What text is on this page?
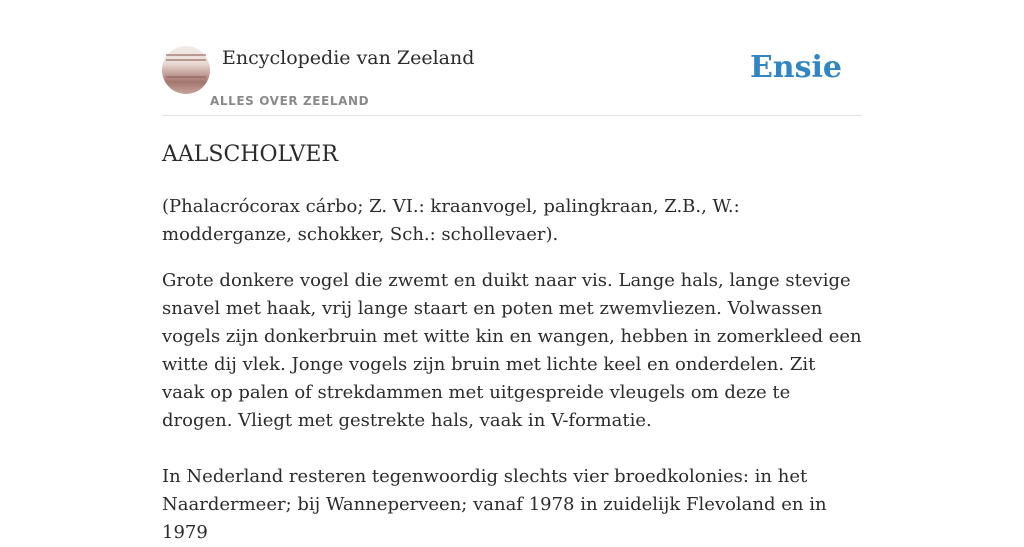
Encyclopedie van Zeeland
ALLES OVER ZEELAND
Ensie
AALSCHOLVER

(Phalacrócorax cárbo; Z. VI.: kraanvogel, palingkraan, Z.B., W.: modderganze, schokker, Sch.: schollevaer).

Grote donkere vogel die zwemt en duikt naar vis. Lange hals, lange stevige snavel met haak, vrij lange staart en poten met zwemvliezen. Volwassen vogels zijn donkerbruin met witte kin en wangen, hebben in zomerkleed een witte dij vlek. Jonge vogels zijn bruin met lichte keel en onderdelen. Zit vaak op palen of strekdammen met uitgespreide vleugels om deze te drogen. Vliegt met gestrekte hals, vaak in V-formatie.

In Nederland resteren tegenwoordig slechts vier broedkolonies: in het Naardermeer; bij Wanneperveen; vanaf 1978 in zuidelijk Flevoland en in 1979
